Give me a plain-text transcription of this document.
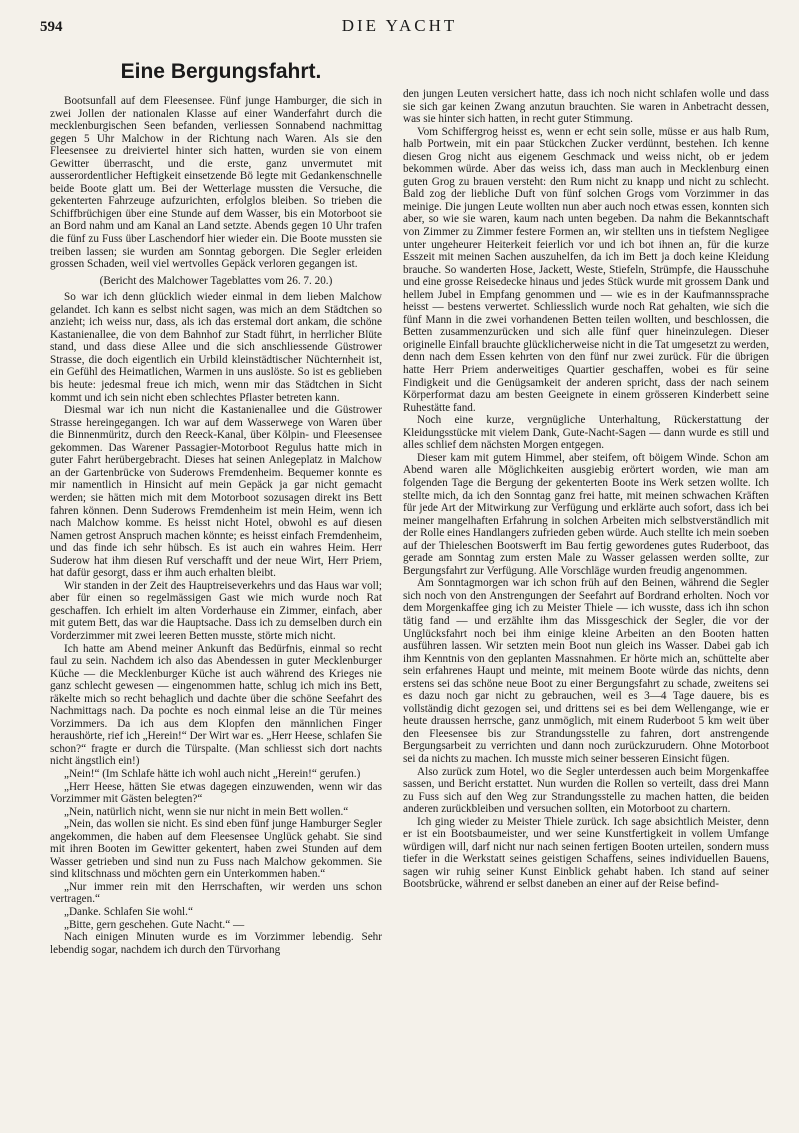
594	DIE YACHT
Eine Bergungsfahrt.

Bootsunfall auf dem Fleesensee. Fünf junge Hamburger, die sich in zwei Jollen der nationalen Klasse auf einer Wanderfahrt durch die mecklenburgischen Seen befanden, verliessen Sonnabend nachmittag gegen 5 Uhr Malchow in der Richtung nach Waren. Als sie den Fleesensee zu dreiviertel hinter sich hatten, wurden sie von einem Gewitter überrascht, und die erste, ganz unvermutet mit ausserordentlicher Heftigkeit einsetzende Bö legte mit Gedankenschnelle beide Boote glatt um. Bei der Wetterlage mussten die Versuche, die gekenterten Fahrzeuge aufzurichten, erfolglos bleiben. So trieben die Schiffbrüchigen über eine Stunde auf dem Wasser, bis ein Motorboot sie an Bord nahm und am Kanal an Land setzte. Abends gegen 10 Uhr trafen die fünf zu Fuss über Laschendorf hier wieder ein. Die Boote mussten sie treiben lassen; sie wurden am Sonntag geborgen. Die Segler erleiden grossen Schaden, weil viel wertvolles Gepäck verloren gegangen ist.

(Bericht des Malchower Tageblattes vom 26. 7. 20.)

So war ich denn glücklich wieder einmal in dem lieben Malchow gelandet. Ich kann es selbst nicht sagen, was mich an dem Städtchen so anzieht; ich weiss nur, dass, als ich das erstemal dort ankam, die schöne Kastanienallee, die von dem Bahnhof zur Stadt führt, in herrlicher Blüte stand, und dass diese Allee und die sich anschliessende Güstrower Strasse, die doch eigentlich ein Urbild kleinstädtischer Nüchternheit ist, ein Gefühl des Heimatlichen, Warmen in uns auslöste. So ist es geblieben bis heute: jedesmal freue ich mich, wenn mir das Städtchen in Sicht kommt und ich sein nicht eben schlechtes Pflaster betreten kann.

Diesmal war ich nun nicht die Kastanienallee und die Güstrower Strasse hereingegangen. Ich war auf dem Wasserwege von Waren über die Binnenmüritz, durch den Reeck-Kanal, über Kölpin- und Fleesensee gekommen. Das Warener Passagier-Motorboot Regulus hatte mich in guter Fahrt herübergebracht. Dieses hat seinen Anlegeplatz in Malchow an der Gartenbrücke von Suderows Fremdenheim. Bequemer konnte es mir namentlich in Hinsicht auf mein Gepäck ja gar nicht gemacht werden; sie hätten mich mit dem Motorboot sozusagen direkt ins Bett fahren können. Denn Suderows Fremdenheim ist mein Heim, wenn ich nach Malchow komme. Es heisst nicht Hotel, obwohl es auf diesen Namen getrost Anspruch machen könnte; es heisst einfach Fremdenheim, und das finde ich sehr hübsch. Es ist auch ein wahres Heim. Herr Suderow hat ihm diesen Ruf verschafft und der neue Wirt, Herr Priem, hat dafür gesorgt, dass er ihm auch erhalten bleibt.

Wir standen in der Zeit des Hauptreiseverkehrs und das Haus war voll; aber für einen so regelmässigen Gast wie mich wurde noch Rat geschaffen. Ich erhielt im alten Vorderhause ein Zimmer, einfach, aber mit gutem Bett, das war die Hauptsache. Dass ich zu demselben durch ein Vorderzimmer mit zwei leeren Betten musste, störte mich nicht.

Ich hatte am Abend meiner Ankunft das Bedürfnis, einmal so recht faul zu sein. Nachdem ich also das Abendessen in guter Mecklenburger Küche — die Mecklenburger Küche ist auch während des Krieges nie ganz schlecht gewesen — eingenommen hatte, schlug ich mich ins Bett, räkelte mich so recht behaglich und dachte über die schöne Seefahrt des Nachmittags nach. Da pochte es noch einmal leise an die Tür meines Vorzimmers. Da ich aus dem Klopfen den männlichen Finger heraushörte, rief ich „Herein!“ Der Wirt war es. „Herr Heese, schlafen Sie schon?“ fragte er durch die Türspalte. (Man schliesst sich dort nachts nicht ängstlich ein!)

„Nein!“ (Im Schlafe hätte ich wohl auch nicht „Herein!“ gerufen.)

„Herr Heese, hätten Sie etwas dagegen einzuwenden, wenn wir das Vorzimmer mit Gästen belegten?“

„Nein, natürlich nicht, wenn sie nur nicht in mein Bett wollen.“

„Nein, das wollen sie nicht. Es sind eben fünf junge Hamburger Segler angekommen, die haben auf dem Fleesensee Unglück gehabt. Sie sind mit ihren Booten im Gewitter gekentert, haben zwei Stunden auf dem Wasser getrieben und sind nun zu Fuss nach Malchow gekommen. Sie sind klitschnass und möchten gern ein Unterkommen haben.“

„Nur immer rein mit den Herrschaften, wir werden uns schon vertragen.“

„Danke. Schlafen Sie wohl.“

„Bitte, gern geschehen. Gute Nacht.“ —

Nach einigen Minuten wurde es im Vorzimmer lebendig. Sehr lebendig sogar, nachdem ich durch den Türvorhang

den jungen Leuten versichert hatte, dass ich noch nicht schlafen wolle und dass sie sich gar keinen Zwang anzutun brauchten. Sie waren in Anbetracht dessen, was sie hinter sich hatten, in recht guter Stimmung.

Vom Schiffergrog heisst es, wenn er echt sein solle, müsse er aus halb Rum, halb Portwein, mit ein paar Stückchen Zucker verdünnt, bestehen. Ich kenne diesen Grog nicht aus eigenem Geschmack und weiss nicht, ob er jedem bekommen würde. Aber das weiss ich, dass man auch in Mecklenburg einen guten Grog zu brauen versteht: den Rum nicht zu knapp und nicht zu schlecht. Bald zog der liebliche Duft von fünf solchen Grogs vom Vorzimmer in das meinige. Die jungen Leute wollten nun aber auch noch etwas essen, konnten sich aber, so wie sie waren, kaum nach unten begeben. Da nahm die Bekanntschaft von Zimmer zu Zimmer festere Formen an, wir stellten uns in tiefstem Negligee unter ungeheurer Heiterkeit feierlich vor und ich bot ihnen an, für die kurze Esszeit mit meinen Sachen auszuhelfen, da ich im Bett ja doch keine Kleidung brauche. So wanderten Hose, Jackett, Weste, Stiefeln, Strümpfe, die Hausschuhe und eine grosse Reisedecke hinaus und jedes Stück wurde mit grossem Dank und hellem Jubel in Empfang genommen und — wie es in der Kaufmannssprache heisst — bestens verwertet. Schliesslich wurde noch Rat gehalten, wie sich die fünf Mann in die zwei vorhandenen Betten teilen wollten, und beschlossen, die Betten zusammenzurücken und sich alle fünf quer hineinzulegen. Dieser originelle Einfall brauchte glücklicherweise nicht in die Tat umgesetzt zu werden, denn nach dem Essen kehrten von den fünf nur zwei zurück. Für die übrigen hatte Herr Priem anderweitiges Quartier geschaffen, wobei es für seine Findigkeit und die Genügsamkeit der anderen spricht, dass der nach seinem Körperformat dazu am besten Geeignete in einem grösseren Kinderbett seine Ruhestätte fand.

Noch eine kurze, vergnügliche Unterhaltung, Rückerstattung der Kleidungsstücke mit vielem Dank, Gute-Nacht-Sagen — dann wurde es still und alles schlief dem nächsten Morgen entgegen.

Dieser kam mit gutem Himmel, aber steifem, oft böigem Winde. Schon am Abend waren alle Möglichkeiten ausgiebig erörtert worden, wie man am folgenden Tage die Bergung der gekenterten Boote ins Werk setzen wollte. Ich stellte mich, da ich den Sonntag ganz frei hatte, mit meinen schwachen Kräften für jede Art der Mitwirkung zur Verfügung und erklärte auch sofort, dass ich bei meiner mangelhaften Erfahrung in solchen Arbeiten mich selbstverständlich mit der Rolle eines Handlangers zufrieden geben würde. Auch stellte ich mein soeben auf der Thieleschen Bootswerft im Bau fertig gewordenes gutes Ruderboot, das gerade am Sonntag zum ersten Male zu Wasser gelassen werden sollte, zur Bergungsfahrt zur Verfügung. Alle Vorschläge wurden freudig angenommen.

Am Sonntagmorgen war ich schon früh auf den Beinen, während die Segler sich noch von den Anstrengungen der Seefahrt auf Bordrand erholten. Noch vor dem Morgenkaffee ging ich zu Meister Thiele — ich wusste, dass ich ihn schon tätig fand — und erzählte ihm das Missgeschick der Segler, die vor der Unglücksfahrt noch bei ihm einige kleine Arbeiten an den Booten hatten ausführen lassen. Wir setzten mein Boot nun gleich ins Wasser. Dabei gab ich ihm Kenntnis von den geplanten Massnahmen. Er hörte mich an, schüttelte aber sein erfahrenes Haupt und meinte, mit meinem Boote würde das nichts, denn erstens sei das schöne neue Boot zu einer Bergungsfahrt zu schade, zweitens sei es dazu noch gar nicht zu gebrauchen, weil es 3—4 Tage dauere, bis es vollständig dicht gezogen sei, und drittens sei es bei dem Wellengange, wie er heute draussen herrsche, ganz unmöglich, mit einem Ruderboot 5 km weit über den Fleesensee bis zur Strandungsstelle zu fahren, dort anstrengende Bergungsarbeit zu verrichten und dann noch zurückzurudern. Ohne Motorboot sei da nichts zu machen. Ich musste mich seiner besseren Einsicht fügen.

Also zurück zum Hotel, wo die Segler unterdessen auch beim Morgenkaffee sassen, und Bericht erstattet. Nun wurden die Rollen so verteilt, dass drei Mann zu Fuss sich auf den Weg zur Strandungsstelle zu machen hatten, die beiden anderen zurückbleiben und versuchen sollten, ein Motorboot zu chartern.

Ich ging wieder zu Meister Thiele zurück. Ich sage absichtlich Meister, denn er ist ein Bootsbaumeister, und wer seine Kunstfertigkeit in vollem Umfange würdigen will, darf nicht nur nach seinen fertigen Booten urteilen, sondern muss tiefer in die Werkstatt seines geistigen Schaffens, seines individuellen Bauens, sagen wir ruhig seiner Kunst Einblick gehabt haben. Ich stand auf seiner Bootsbrücke, während er selbst daneben an einer auf der Reise befind-
